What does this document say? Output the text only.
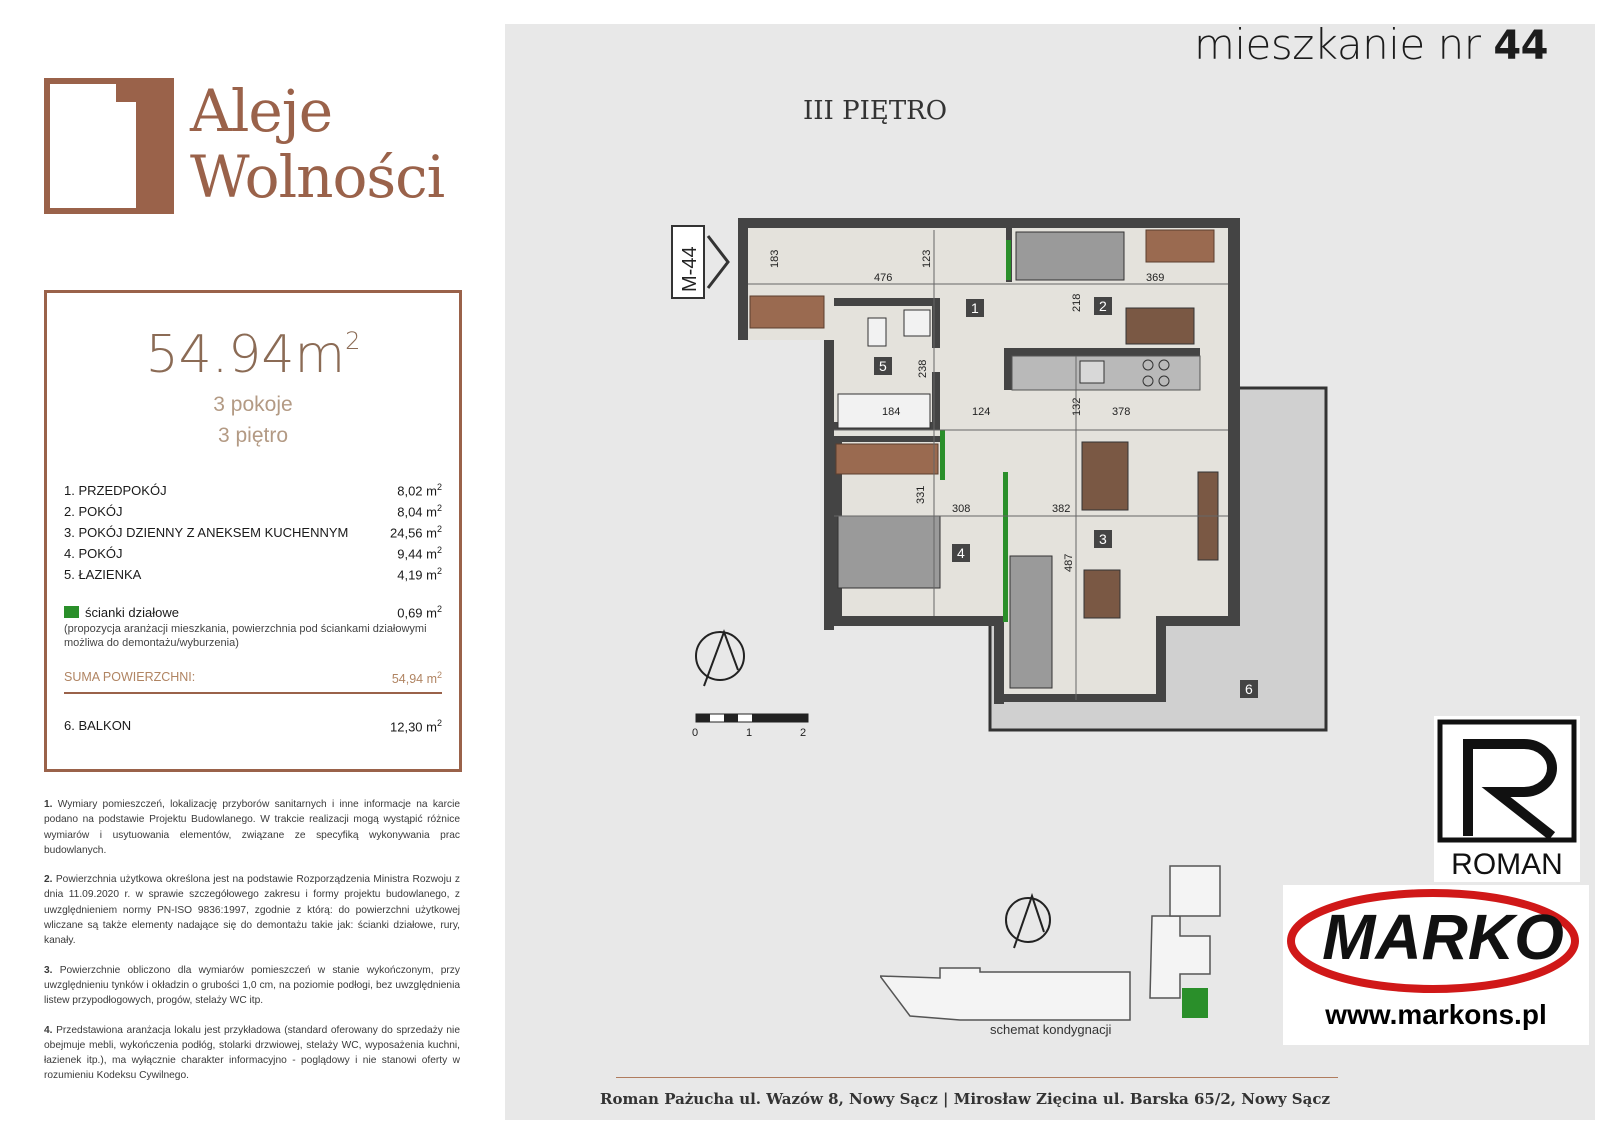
Aleje
Wolności
$54.94m^2$
3 pokoje
3 piętro
1. PRZEDPOKÓJ	8,02 $m^2$
2. POKÓJ	8,04 $m^2$
3. POKÓJ DZIENNY Z ANEKSEM KUCHENNYM	24,56 $m^2$
4. POKÓJ	9,44 $m^2$
5. ŁAZIENKA	4,19 $m^2$
ścianki działowe	0,69 $m^2$
(propozycja aranżacji mieszkania, powierzchnia pod ściankami działowymi możliwa do demontażu/wyburzenia)
SUMA POWIERZCHNI:	54,94 $m^2$
6. BALKON	12,30 $m^2$

1. Wymiary pomieszczeń, lokalizację przyborów sanitarnych i inne informacje na karcie podano na podstawie Projektu Budowlanego. W trakcie realizacji mogą wystąpić różnice wymiarów i usytuowania elementów, związane ze specyfiką wykonywania prac budowlanych.

2. Powierzchnia użytkowa określona jest na podstawie Rozporządzenia Ministra Rozwoju z dnia 11.09.2020 r. w sprawie szczegółowego zakresu i formy projektu budowlanego, z uwzględnieniem normy PN-ISO 9836:1997, zgodnie z którą: do powierzchni użytkowej wliczane są także elementy nadające się do demontażu takie jak: ścianki działowe, rury, kanały.

3. Powierzchnie obliczono dla wymiarów pomieszczeń w stanie wykończonym, przy uwzględnieniu tynków i okładzin o grubości 1,0 cm, na poziomie podłogi, bez uwzględnienia listew przypodłogowych, progów, stelaży WC itp.

4. Przedstawiona aranżacja lokalu jest przykładowa (standard oferowany do sprzedaży nie obejmuje mebli, wykończenia podłóg, stolarki drzwiowej, stelaży WC, wyposażenia kuchni, łazienek itp.), ma wyłącznie charakter informacyjno - poglądowy i nie stanowi oferty w rozumieniu Kodeksu Cywilnego.

mieszkanie nr 44
III PIĘTRO
183
476
123
218
369
238
184	124	132	378
331
308	382
487
1	2
3
4
5
6
M-44
0	1	2
schemat kondygnacji
ROMAN
MARKO
www.markons.pl
Roman Pażucha ul. Wazów 8, Nowy Sącz | Mirosław Zięcina ul. Barska 65/2, Nowy Sącz
